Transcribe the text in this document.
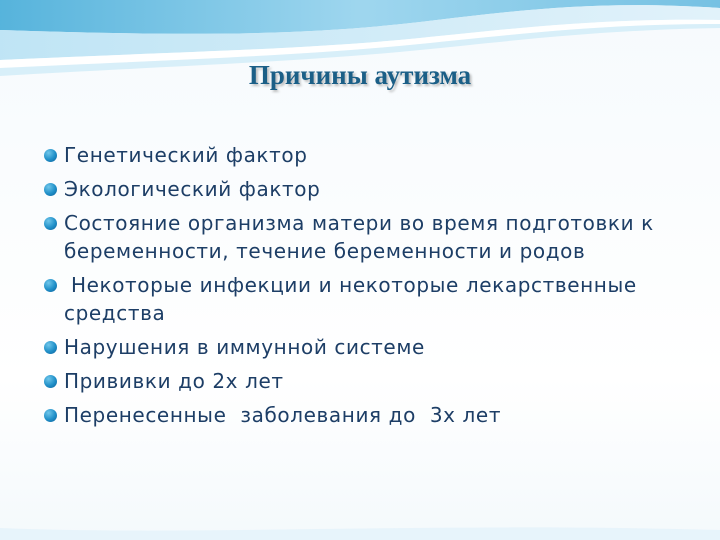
Причины аутизма
Генетический фактор
Экологический фактор
Состояние организма матери во время подготовки к беременности, течение беременности и родов
Некоторые инфекции и некоторые лекарственные средства
Нарушения в иммунной системе
Прививки до 2х лет
Перенесенные  заболевания до  3х лет
